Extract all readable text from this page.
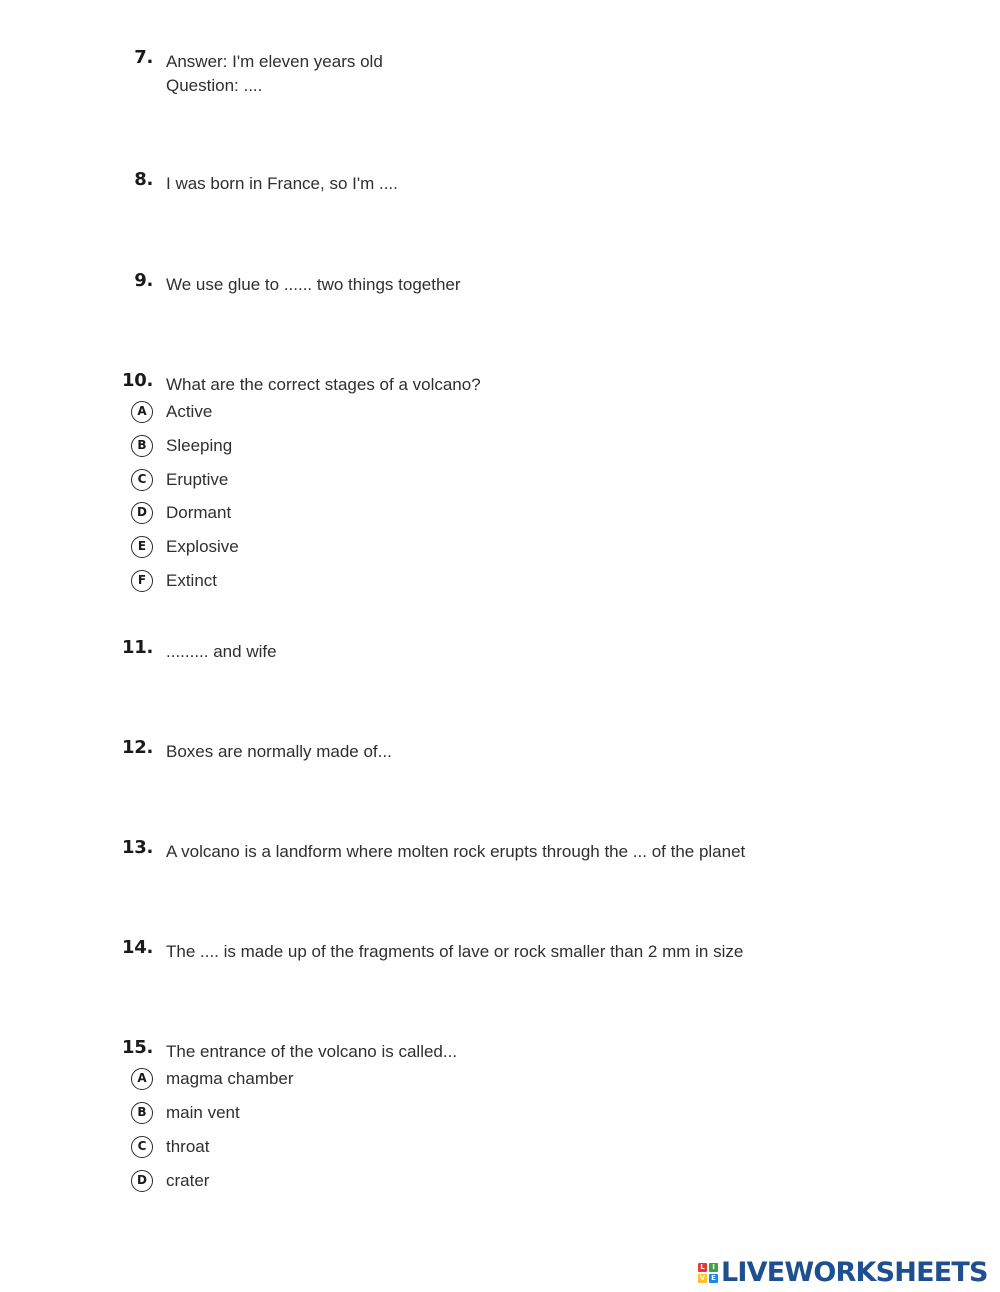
7. Answer: I'm eleven years old
Question: ....
8. I was born in France, so I'm ....
9. We use glue to ...... two things together
10. What are the correct stages of a volcano?
A	Active
B	Sleeping
C	Eruptive
D	Dormant
E	Explosive
F	Extinct
11. ......... and wife
12. Boxes are normally made of...
13. A volcano is a landform where molten rock erupts through the ... of the planet
14. The .... is made up of the fragments of lave or rock smaller than 2 mm in size
15. The entrance of the volcano is called...
A	magma chamber
B	main vent
C	throat
D	crater
L	I
V E LIVEWORKSHEETS
